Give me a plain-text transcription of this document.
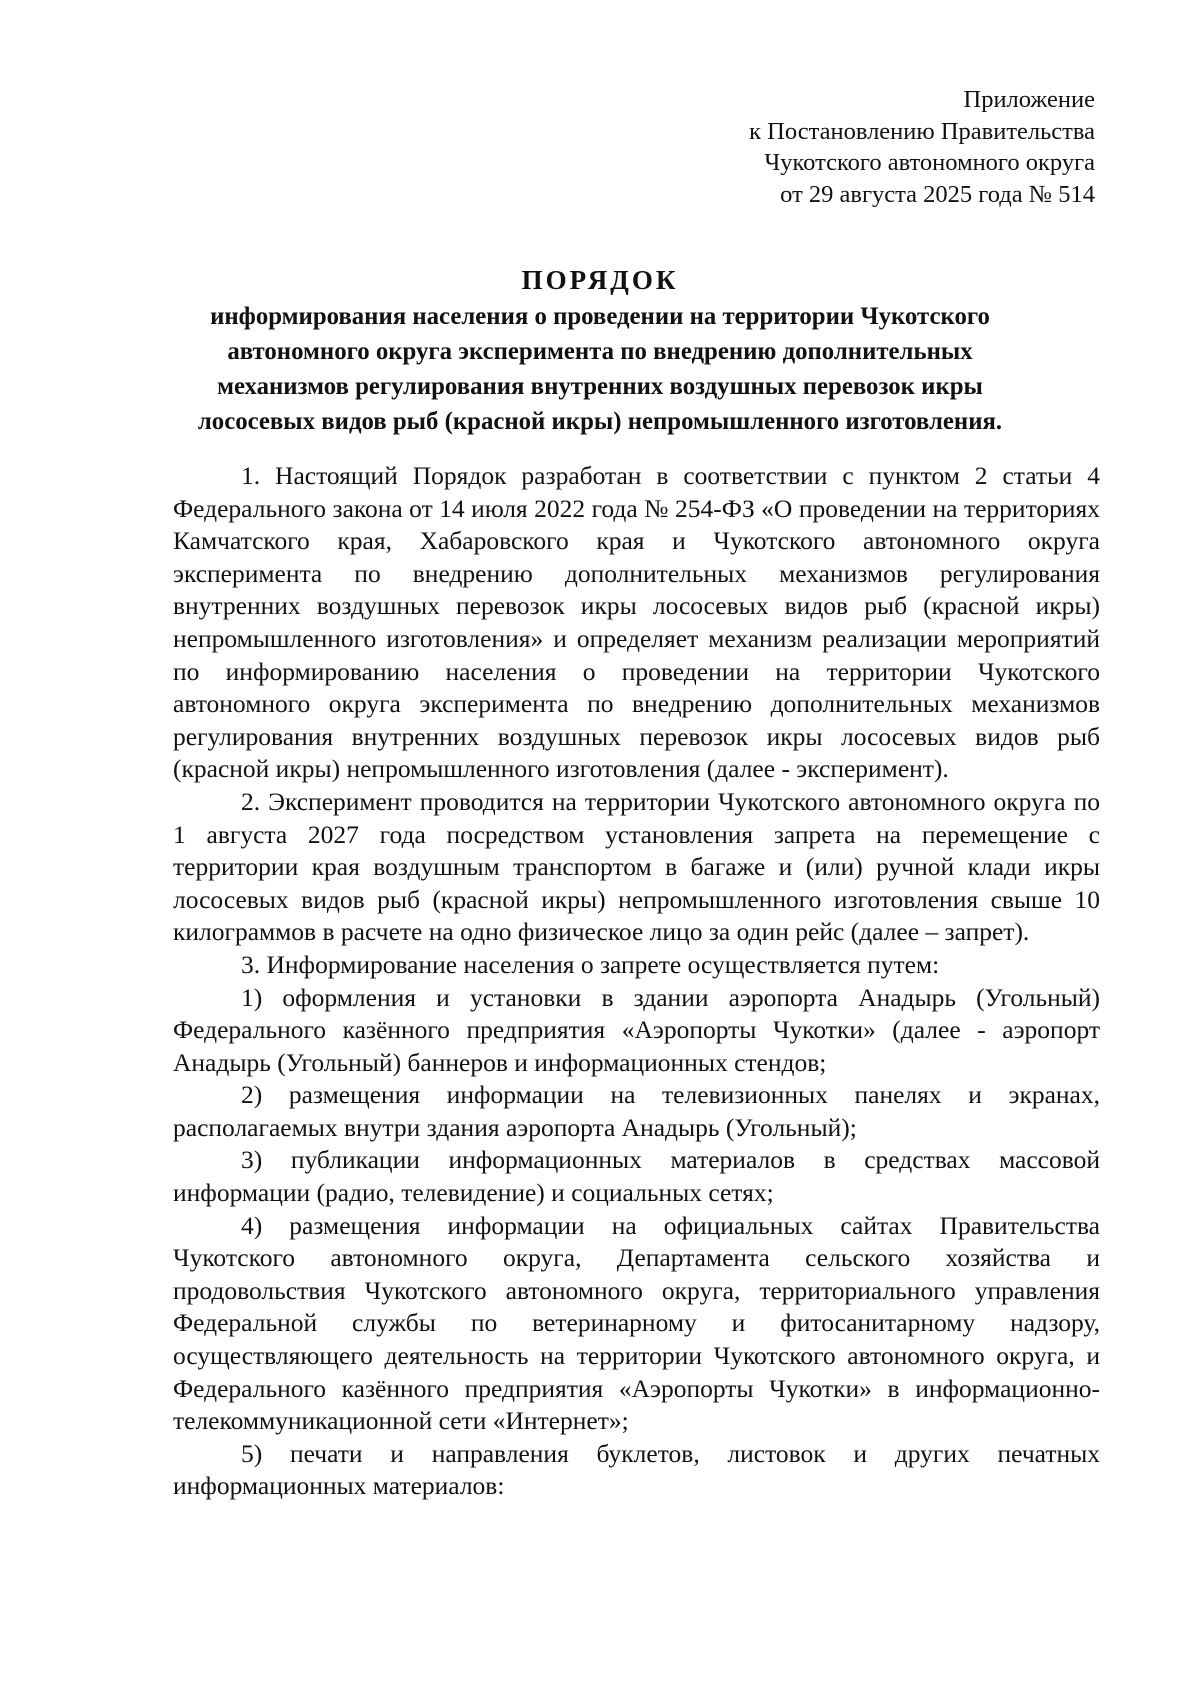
Приложение
к Постановлению Правительства
Чукотского автономного округа
от 29 августа 2025 года № 514
ПОРЯДОК
информирования населения о проведении на территории Чукотского
автономного округа эксперимента по внедрению дополнительных
механизмов регулирования внутренних воздушных перевозок икры
лососевых видов рыб (красной икры) непромышленного изготовления.

1. Настоящий Порядок разработан в соответствии с пунктом 2 статьи 4 Федерального закона от 14 июля 2022 года № 254-ФЗ «О проведении на территориях Камчатского края, Хабаровского края и Чукотского автономного округа эксперимента по внедрению дополнительных механизмов регулирования внутренних воздушных перевозок икры лососевых видов рыб (красной икры) непромышленного изготовления» и определяет механизм реализации мероприятий по информированию населения о проведении на территории Чукотского автономного округа эксперимента по внедрению дополнительных механизмов регулирования внутренних воздушных перевозок икры лососевых видов рыб (красной икры) непромышленного изготовления (далее - эксперимент).

2. Эксперимент проводится на территории Чукотского автономного округа по 1 августа 2027 года посредством установления запрета на перемещение с территории края воздушным транспортом в багаже и (или) ручной клади икры лососевых видов рыб (красной икры) непромышленного изготовления свыше 10 килограммов в расчете на одно физическое лицо за один рейс (далее – запрет).

3. Информирование населения о запрете осуществляется путем:

1) оформления и установки в здании аэропорта Анадырь (Угольный) Федерального казённого предприятия «Аэропорты Чукотки» (далее - аэропорт Анадырь (Угольный) баннеров и информационных стендов;

2) размещения информации на телевизионных панелях и экранах, располагаемых внутри здания аэропорта Анадырь (Угольный);

3) публикации информационных материалов в средствах массовой информации (радио, телевидение) и социальных сетях;

4) размещения информации на официальных сайтах Правительства Чукотского автономного округа, Департамента сельского хозяйства и продовольствия Чукотского автономного округа, территориального управления Федеральной службы по ветеринарному и фитосанитарному надзору, осуществляющего деятельность на территории Чукотского автономного округа, и Федерального казённого предприятия «Аэропорты Чукотки» в информационно-телекоммуникационной сети «Интернет»;

5) печати и направления буклетов, листовок и других печатных информационных материалов:
